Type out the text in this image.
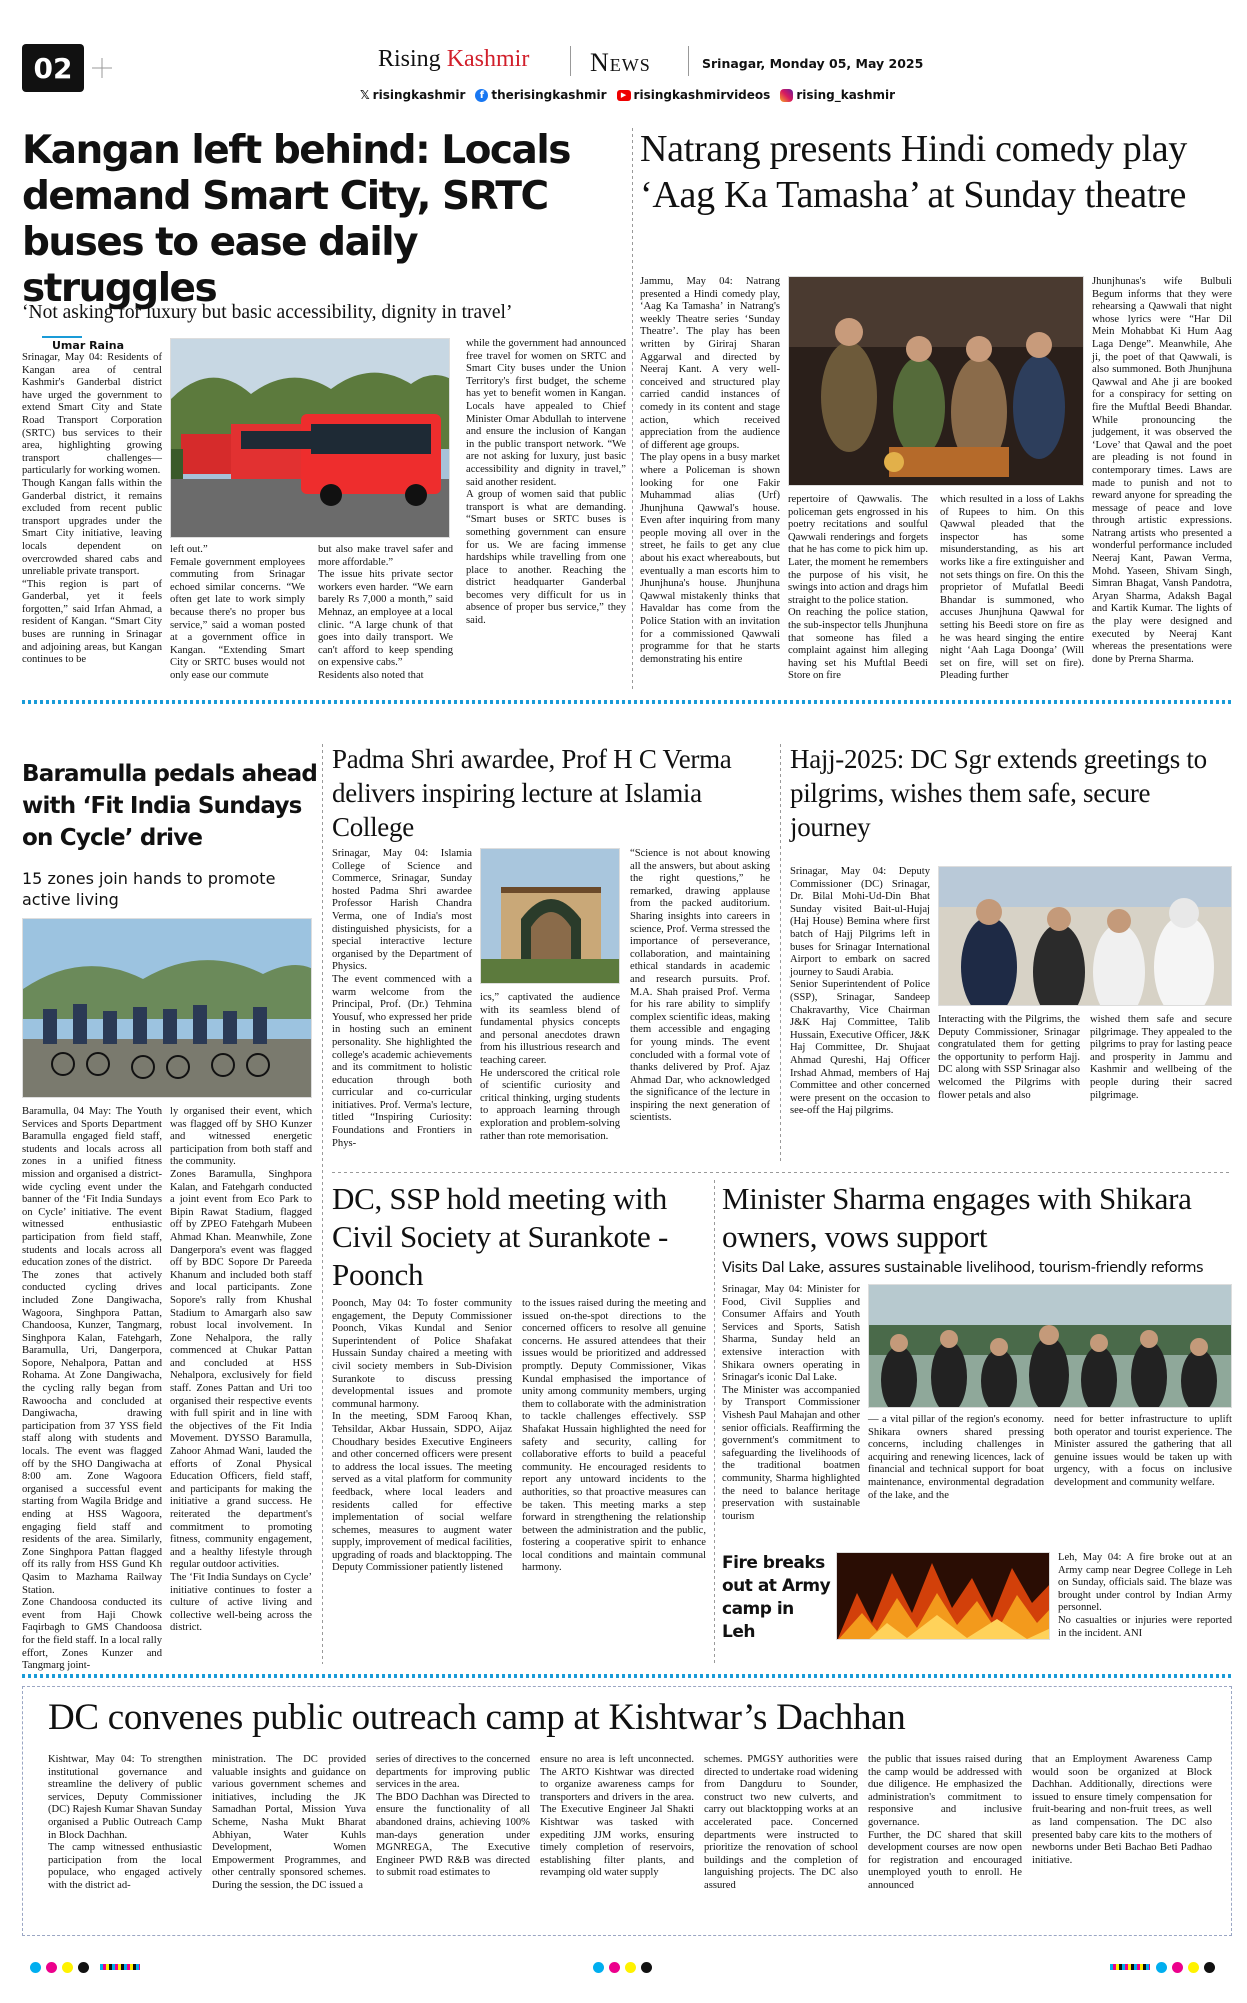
02	Rising Kashmir News	Srinagar, Monday 05, May 2025
𝕏 risingkashmir	f therisingkashmir	▶ risingkashmirvideos rising_kashmir
Kangan left behind: Locals demand Smart City, SRTC buses to ease daily struggles
‘Not asking for luxury but basic accessibility, dignity in travel’
Umar Raina
Srinagar, May 04: Residents of Kangan area of central Kashmir's Ganderbal district have urged the government to extend Smart City and State Road Transport Corporation (SRTC) bus services to their area, highlighting growing transport challenges—particularly for working women.
Though Kangan falls within the Ganderbal district, it remains excluded from recent public transport upgrades under the Smart City initiative, leaving locals dependent on overcrowded shared cabs and unreliable private transport.
“This region is part of Ganderbal, yet it feels forgotten,” said Irfan Ahmad, a resident of Kangan. “Smart City buses are running in Srinagar and adjoining areas, but Kangan continues to be
left out.”
Female government employees commuting from Srinagar echoed similar concerns. “We often get late to work simply because there's no proper bus service,” said a woman posted at a government office in Kangan. “Extending Smart City or SRTC buses would not only ease our commute
but also make travel safer and more affordable.”
The issue hits private sector workers even harder. “We earn barely Rs 7,000 a month,” said Mehnaz, an employee at a local clinic. “A large chunk of that goes into daily transport. We can't afford to keep spending on expensive cabs.”
Residents also noted that
while the government had announced free travel for women on SRTC and Smart City buses under the Union Territory's first budget, the scheme has yet to benefit women in Kangan. Locals have appealed to Chief Minister Omar Abdullah to intervene and ensure the inclusion of Kangan in the public transport network. “We are not asking for luxury, just basic accessibility and dignity in travel,” said another resident.
A group of women said that public transport is what are demanding. “Smart buses or SRTC buses is something government can ensure for us. We are facing immense hardships while travelling from one place to another. Reaching the district headquarter Ganderbal becomes very difficult for us in absence of proper bus service,” they said.
Natrang presents Hindi comedy play ‘Aag Ka Tamasha’ at Sunday theatre
Jammu, May 04: Natrang presented a Hindi comedy play, ‘Aag Ka Tamasha’ in Natrang's weekly Theatre series ‘Sunday Theatre’. The play has been written by Giriraj Sharan Aggarwal and directed by Neeraj Kant. A very well-conceived and structured play carried candid instances of comedy in its content and stage action, which received appreciation from the audience of different age groups.
The play opens in a busy market where a Policeman is shown looking for one Fakir Muhammad alias (Urf) Jhunjhuna Qawwal's house. Even after inquiring from many people moving all over in the street, he fails to get any clue about his exact whereabouts, but eventually a man escorts him to Jhunjhuna's house. Jhunjhuna Qawwal mistakenly thinks that Havaldar has come from the Police Station with an invitation for a commissioned Qawwali programme for that he starts demonstrating his entire
repertoire of Qawwalis. The policeman gets engrossed in his poetry recitations and soulful Qawwali renderings and forgets that he has come to pick him up. Later, the moment he remembers the purpose of his visit, he swings into action and drags him straight to the police station.
On reaching the police station, the sub-inspector tells Jhunjhuna that someone has filed a complaint against him alleging having set his Muftlal Beedi Store on fire
which resulted in a loss of Lakhs of Rupees to him. On this Qawwal pleaded that the inspector has some misunderstanding, as his art works like a fire extinguisher and not sets things on fire. On this the proprietor of Mufatlal Beedi Bhandar is summoned, who accuses Jhunjhuna Qawwal for setting his Beedi store on fire as he was heard singing the entire night ‘Aah Laga Doonga’ (Will set on fire, will set on fire). Pleading further
Jhunjhunas's wife Bulbuli Begum informs that they were rehearsing a Qawwali that night whose lyrics were “Har Dil Mein Mohabbat Ki Hum Aag Laga Denge”. Meanwhile, Ahe ji, the poet of that Qawwali, is also summoned. Both Jhunjhuna Qawwal and Ahe ji are booked for a conspiracy for setting on fire the Muftlal Beedi Bhandar. While pronouncing the judgement, it was observed the ‘Love’ that Qawal and the poet are pleading is not found in contemporary times. Laws are made to punish and not to reward anyone for spreading the message of peace and love through artistic expressions. Natrang artists who presented a wonderful performance included Neeraj Kant, Pawan Verma, Mohd. Yaseen, Shivam Singh, Simran Bhagat, Vansh Pandotra, Aryan Sharma, Adaksh Bagal and Kartik Kumar. The lights of the play were designed and executed by Neeraj Kant whereas the presentations were done by Prerna Sharma.
Baramulla pedals ahead with ‘Fit India Sundays on Cycle’ drive
15 zones join hands to promote active living
Baramulla, 04 May: The Youth Services and Sports Department Baramulla engaged field staff, students and locals across all zones in a unified fitness mission and organised a district-wide cycling event under the banner of the ‘Fit India Sundays on Cycle’ initiative. The event witnessed enthusiastic participation from field staff, students and locals across all education zones of the district.
The zones that actively conducted cycling drives included Zone Dangiwacha, Wagoora, Singhpora Pattan, Chandoosa, Kunzer, Tangmarg, Singhpora Kalan, Fatehgarh, Baramulla, Uri, Dangerpora, Sopore, Nehalpora, Pattan and Rohama. At Zone Dangiwacha, the cycling rally began from Rawoocha and concluded at Dangiwacha, drawing participation from 37 YSS field staff along with students and locals. The event was flagged off by the SHO Dangiwacha at 8:00 am. Zone Wagoora organised a successful event starting from Wagila Bridge and ending at HSS Wagoora, engaging field staff and residents of the area. Similarly, Zone Singhpora Pattan flagged off its rally from HSS Gund Kh Qasim to Mazhama Railway Station.
Zone Chandoosa conducted its event from Haji Chowk Faqirbagh to GMS Chandoosa for the field staff. In a local rally effort, Zones Kunzer and Tangmarg joint-
ly organised their event, which was flagged off by SHO Kunzer and witnessed energetic participation from both staff and the community.
Zones Baramulla, Singhpora Kalan, and Fatehgarh conducted a joint event from Eco Park to Bipin Rawat Stadium, flagged off by ZPEO Fatehgarh Mubeen Ahmad Khan. Meanwhile, Zone Dangerpora's event was flagged off by BDC Sopore Dr Pareeda Khanum and included both staff and local participants. Zone Sopore's rally from Khushal Stadium to Amargarh also saw robust local involvement. In Zone Nehalpora, the rally commenced at Chukar Pattan and concluded at HSS Nehalpora, exclusively for field staff. Zones Pattan and Uri too organised their respective events with full spirit and in line with the objectives of the Fit India Movement. DYSSO Baramulla, Zahoor Ahmad Wani, lauded the efforts of Zonal Physical Education Officers, field staff, and participants for making the initiative a grand success. He reiterated the department's commitment to promoting fitness, community engagement, and a healthy lifestyle through regular outdoor activities.
The ‘Fit India Sundays on Cycle’ initiative continues to foster a culture of active living and collective well-being across the district.
Padma Shri awardee, Prof H C Verma delivers inspiring lecture at Islamia College
Srinagar, May 04: Islamia College of Science and Commerce, Srinagar, Sunday hosted Padma Shri awardee Professor Harish Chandra Verma, one of India's most distinguished physicists, for a special interactive lecture organised by the Department of Physics.
The event commenced with a warm welcome from the Principal, Prof. (Dr.) Tehmina Yousuf, who expressed her pride in hosting such an eminent personality. She highlighted the college's academic achievements and its commitment to holistic education through both curricular and co-curricular initiatives. Prof. Verma's lecture, titled “Inspiring Curiosity: Foundations and Frontiers in Phys-
ics,” captivated the audience with its seamless blend of fundamental physics concepts and personal anecdotes drawn from his illustrious research and teaching career.
He underscored the critical role of scientific curiosity and critical thinking, urging students to approach learning through exploration and problem-solving rather than rote memorisation.
“Science is not about knowing all the answers, but about asking the right questions,” he remarked, drawing applause from the packed auditorium. Sharing insights into careers in science, Prof. Verma stressed the importance of perseverance, collaboration, and maintaining ethical standards in academic and research pursuits. Prof. M.A. Shah praised Prof. Verma for his rare ability to simplify complex scientific ideas, making them accessible and engaging for young minds. The event concluded with a formal vote of thanks delivered by Prof. Ajaz Ahmad Dar, who acknowledged the significance of the lecture in inspiring the next generation of scientists.
Hajj-2025: DC Sgr extends greetings to pilgrims, wishes them safe, secure journey
Srinagar, May 04: Deputy Commissioner (DC) Srinagar, Dr. Bilal Mohi-Ud-Din Bhat Sunday visited Bait-ul-Hujaj (Haj House) Bemina where first batch of Hajj Pilgrims left in buses for Srinagar International Airport to embark on sacred journey to Saudi Arabia.
Senior Superintendent of Police (SSP), Srinagar, Sandeep Chakravarthy, Vice Chairman J&K Haj Committee, Talib Hussain, Executive Officer, J&K Haj Committee, Dr. Shujaat Ahmad Qureshi, Haj Officer Irshad Ahmad, members of Haj Committee and other concerned were present on the occasion to see-off the Haj pilgrims.
Interacting with the Pilgrims, the Deputy Commissioner, Srinagar congratulated them for getting the opportunity to perform Hajj. DC along with SSP Srinagar also welcomed the Pilgrims with flower petals and also
wished them safe and secure pilgrimage. They appealed to the pilgrims to pray for lasting peace and prosperity in Jammu and Kashmir and wellbeing of the people during their sacred pilgrimage.
DC, SSP hold meeting with Civil Society at Surankote - Poonch
Poonch, May 04: To foster community engagement, the Deputy Commissioner Poonch, Vikas Kundal and Senior Superintendent of Police Shafakat Hussain Sunday chaired a meeting with civil society members in Sub-Division Surankote to discuss pressing developmental issues and promote communal harmony.
In the meeting, SDM Farooq Khan, Tehsildar, Akbar Hussain, SDPO, Aijaz Choudhary besides Executive Engineers and other concerned officers were present to address the local issues. The meeting served as a vital platform for community feedback, where local leaders and residents called for effective implementation of social welfare schemes, measures to augment water supply, improvement of medical facilities, upgrading of roads and blacktopping. The Deputy Commissioner patiently listened
to the issues raised during the meeting and issued on-the-spot directions to the concerned officers to resolve all genuine concerns. He assured attendees that their issues would be prioritized and addressed promptly. Deputy Commissioner, Vikas Kundal emphasised the importance of unity among community members, urging them to collaborate with the administration to tackle challenges effectively. SSP Shafakat Hussain highlighted the need for safety and security, calling for collaborative efforts to build a peaceful community. He encouraged residents to report any untoward incidents to the authorities, so that proactive measures can be taken. This meeting marks a step forward in strengthening the relationship between the administration and the public, fostering a cooperative spirit to enhance local conditions and maintain communal harmony.
Minister Sharma engages with Shikara owners, vows support
Visits Dal Lake, assures sustainable livelihood, tourism-friendly reforms
Srinagar, May 04: Minister for Food, Civil Supplies and Consumer Affairs and Youth Services and Sports, Satish Sharma, Sunday held an extensive interaction with Shikara owners operating in Srinagar's iconic Dal Lake.
The Minister was accompanied by Transport Commissioner Vishesh Paul Mahajan and other senior officials. Reaffirming the government's commitment to safeguarding the livelihoods of the traditional boatmen community, Sharma highlighted the need to balance heritage preservation with sustainable tourism
— a vital pillar of the region's economy. Shikara owners shared pressing concerns, including challenges in acquiring and renewing licences, lack of financial and technical support for boat maintenance, environmental degradation of the lake, and the
need for better infrastructure to uplift both operator and tourist experience. The Minister assured the gathering that all genuine issues would be taken up with urgency, with a focus on inclusive development and community welfare.
Fire breaks out at Army camp in Leh
Leh, May 04: A fire broke out at an Army camp near Degree College in Leh on Sunday, officials said. The blaze was brought under control by Indian Army personnel.
No casualties or injuries were reported in the incident. ANI
DC convenes public outreach camp at Kishtwar’s Dachhan
Kishtwar, May 04: To strengthen institutional governance and streamline the delivery of public services, Deputy Commissioner (DC) Rajesh Kumar Shavan Sunday organised a Public Outreach Camp in Block Dachhan.
The camp witnessed enthusiastic participation from the local populace, who engaged actively with the district ad-
ministration. The DC provided valuable insights and guidance on various government schemes and initiatives, including the JK Samadhan Portal, Mission Yuva Scheme, Nasha Mukt Bharat Abhiyan, Water Kuhls Development, Women Empowerment Programmes, and other centrally sponsored schemes. During the session, the DC issued a
series of directives to the concerned departments for improving public services in the area.
The BDO Dachhan was Directed to ensure the functionality of all abandoned drains, achieving 100% man-days generation under MGNREGA, The Executive Engineer PWD R&B was directed to submit road estimates to
ensure no area is left unconnected. The ARTO Kishtwar was directed to organize awareness camps for transporters and drivers in the area. The Executive Engineer Jal Shakti Kishtwar was tasked with expediting JJM works, ensuring timely completion of reservoirs, establishing filter plants, and revamping old water supply
schemes. PMGSY authorities were directed to undertake road widening from Dangduru to Sounder, construct two new culverts, and carry out blacktopping works at an accelerated pace. Concerned departments were instructed to prioritize the renovation of school buildings and the completion of languishing projects. The DC also assured
the public that issues raised during the camp would be addressed with due diligence. He emphasized the administration's commitment to responsive and inclusive governance.
Further, the DC shared that skill development courses are now open for registration and encouraged unemployed youth to enroll. He announced
that an Employment Awareness Camp would soon be organized at Block Dachhan. Additionally, directions were issued to ensure timely compensation for fruit-bearing and non-fruit trees, as well as land compensation. The DC also presented baby care kits to the mothers of newborns under Beti Bachao Beti Padhao initiative.
